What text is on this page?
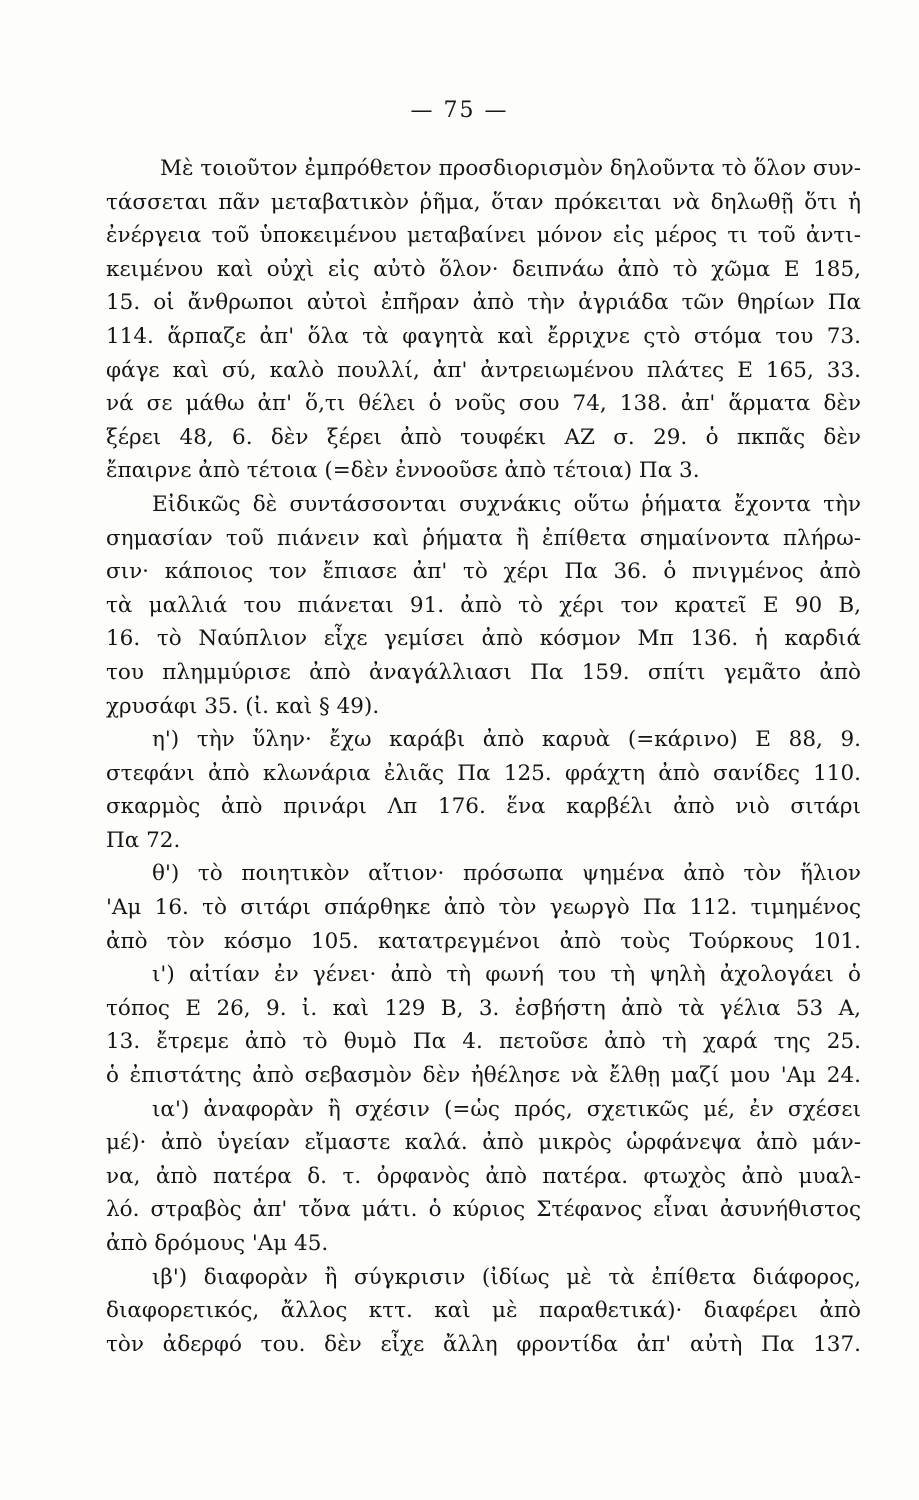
— 75 —
Μὲ τοιοῦτον ἐμπρόθετον προσδιορισμὸν δηλοῦντα τὸ ὅλον συν-
τάσσεται πᾶν μεταβατικὸν ῥῆμα, ὅταν πρόκειται νὰ δηλωθῇ ὅτι ἡ
ἐνέργεια τοῦ ὑποκειμένου μεταβαίνει μόνον εἰς μέρος τι τοῦ ἀντι-
κειμένου καὶ οὐχὶ εἰς αὐτὸ ὅλον· δειπνάω ἀπὸ τὸ χῶμα Ε 185,
15. οἱ ἄνθρωποι αὐτοὶ ἐπῆραν ἀπὸ τὴν ἀγριάδα τῶν θηρίων Πα
114. ἅρπαζε ἀπ' ὅλα τὰ φαγητὰ καὶ ἔρριχνε ςτὸ στόμα του 73.
φάγε καὶ σύ, καλὸ πουλλί, ἀπ' ἀντρειωμένου πλάτες Ε 165, 33.
νά σε μάθω ἀπ' ὅ,τι θέλει ὁ νοῦς σου 74, 138. ἀπ' ἅρματα δὲν
ξέρει 48, 6. δὲν ξέρει ἀπὸ τουφέκι ΑΖ σ. 29. ὁ πκπᾶς δὲν
ἔπαιρνε ἀπὸ τέτοια (=δὲν ἐννοοῦσε ἀπὸ τέτοια) Πα 3.
Εἰδικῶς δὲ συντάσσονται συχνάκις οὕτω ῥήματα ἔχοντα τὴν
σημασίαν τοῦ πιάνειν καὶ ῥήματα ἢ ἐπίθετα σημαίνοντα πλήρω-
σιν· κάποιος τον ἔπιασε ἀπ' τὸ χέρι Πα 36. ὁ πνιγμένος ἀπὸ
τὰ μαλλιά του πιάνεται 91. ἀπὸ τὸ χέρι τον κρατεῖ Ε 90 Β,
16. τὸ Ναύπλιον εἶχε γεμίσει ἀπὸ κόσμον Μπ 136. ἡ καρδιά
του πλημμύρισε ἀπὸ ἀναγάλλιασι Πα 159. σπίτι γεμᾶτο ἀπὸ
χρυσάφι 35. (ἰ. καὶ § 49).
η') τὴν ὕλην· ἔχω καράβι ἀπὸ καρυὰ (=κάρινο) Ε 88, 9.
στεφάνι ἀπὸ κλωνάρια ἐλιᾶς Πα 125. φράχτη ἀπὸ σανίδες 110.
σκαρμὸς ἀπὸ πρινάρι Λπ 176. ἕνα καρβέλι ἀπὸ νιὸ σιτάρι
Πα 72.
θ') τὸ ποιητικὸν αἴτιον· πρόσωπα ψημένα ἀπὸ τὸν ἥλιον
'Αμ 16. τὸ σιτάρι σπάρθηκε ἀπὸ τὸν γεωργὸ Πα 112. τιμημένος
ἀπὸ τὸν κόσμο 105. κατατρεγμένοι ἀπὸ τοὺς Τούρκους 101.
ι') αἰτίαν ἐν γένει· ἀπὸ τὴ φωνή του τὴ ψηλὴ ἀχολογάει ὁ
τόπος Ε 26, 9. ἰ. καὶ 129 Β, 3. ἐσβήστη ἀπὸ τὰ γέλια 53 Α,
13. ἔτρεμε ἀπὸ τὸ θυμὸ Πα 4. πετοῦσε ἀπὸ τὴ χαρά της 25.
ὁ ἐπιστάτης ἀπὸ σεβασμὸν δὲν ἠθέλησε νὰ ἔλθῃ μαζί μου 'Αμ 24.
ια') ἀναφορὰν ἢ σχέσιν (=ὡς πρός, σχετικῶς μέ, ἐν σχέσει
μέ)· ἀπὸ ὑγείαν εἴμαστε καλά. ἀπὸ μικρὸς ὡρφάνεψα ἀπὸ μάν-
να, ἀπὸ πατέρα δ. τ. ὀρφανὸς ἀπὸ πατέρα. φτωχὸς ἀπὸ μυαλ-
λό. στραβὸς ἀπ' τὄνα μάτι. ὁ κύριος Στέφανος εἶναι ἀσυνήθιστος
ἀπὸ δρόμους 'Αμ 45.
ιβ') διαφορὰν ἢ σύγκρισιν (ἰδίως μὲ τὰ ἐπίθετα διάφορος,
διαφορετικός, ἄλλος κττ. καὶ μὲ παραθετικά)· διαφέρει ἀπὸ
τὸν ἀδερφό του. δὲν εἶχε ἄλλη φροντίδα ἀπ' αὐτὴ Πα 137.
